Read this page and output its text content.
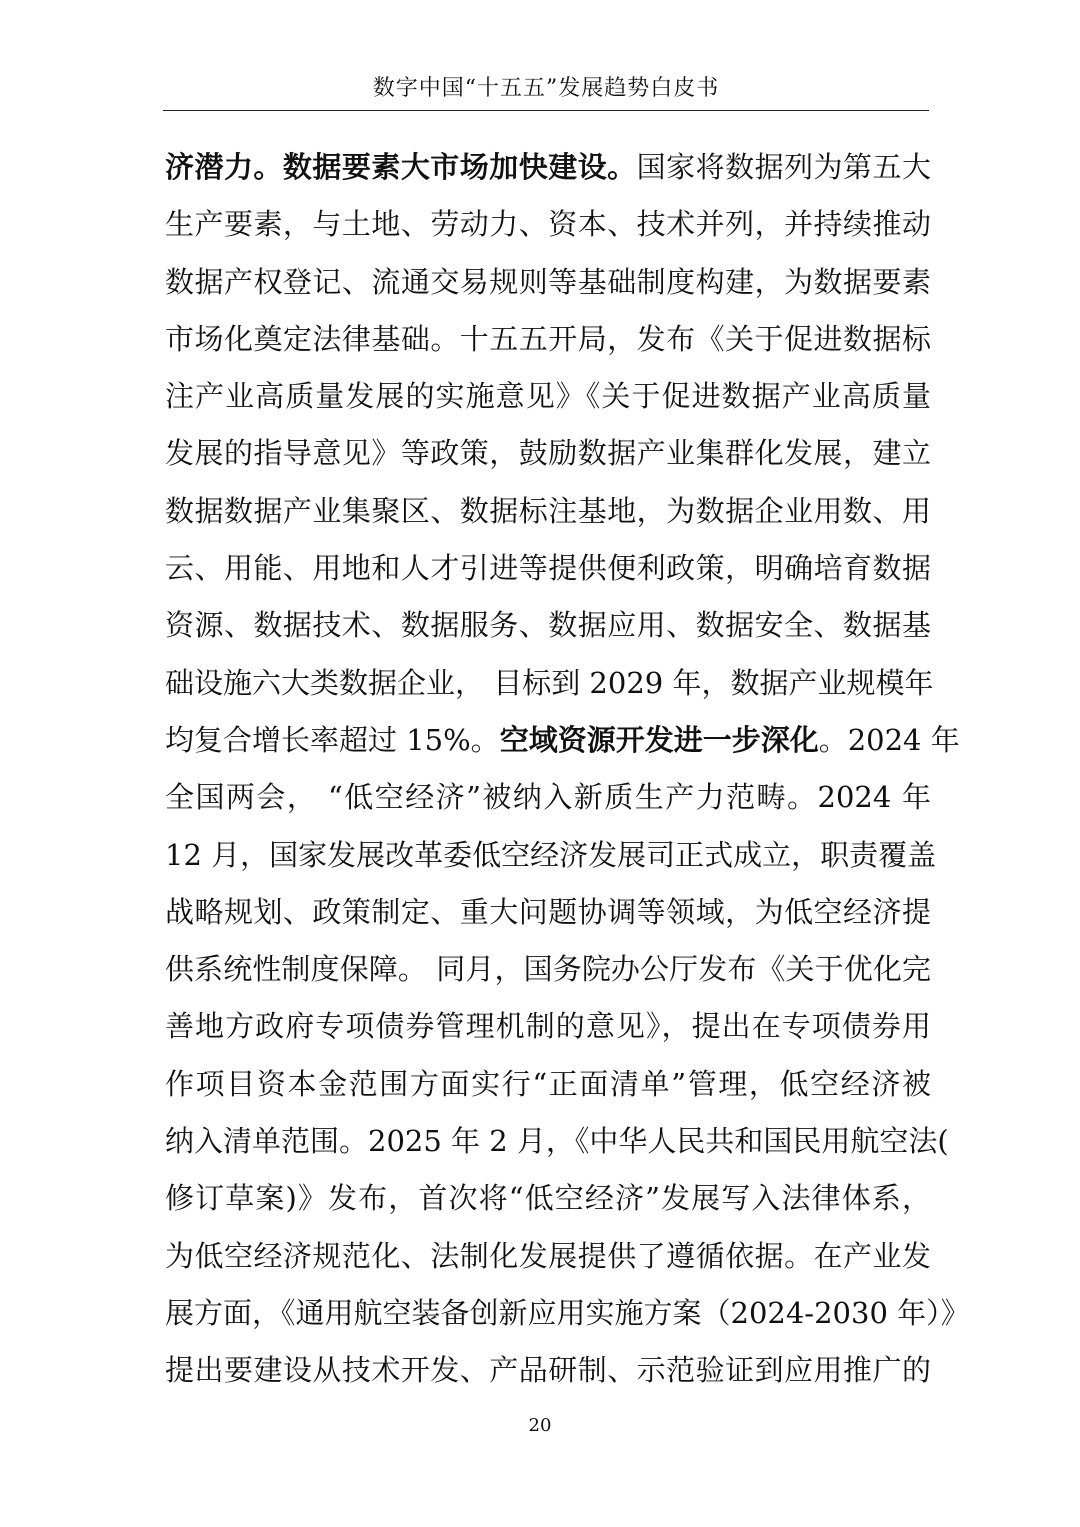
数字中国“十五五”发展趋势白皮书
济潜力。数据要素大市场加快建设。国家将数据列为第五大
生产要素，与土地、劳动力、资本、技术并列，并持续推动
数据产权登记、流通交易规则等基础制度构建，为数据要素
市场化奠定法律基础。十五五开局，发布《关于促进数据标
注产业高质量发展的实施意见》《关于促进数据产业高质量
发展的指导意见》等政策，鼓励数据产业集群化发展，建立
数据数据产业集聚区、数据标注基地，为数据企业用数、用
云、用能、用地和人才引进等提供便利政策，明确培育数据
资源、数据技术、数据服务、数据应用、数据安全、数据基
础设施六大类数据企业， 目标到 2029 年，数据产业规模年
均复合增长率超过 15%。空域资源开发进一步深化。2024 年
全国两会， “低空经济”被纳入新质生产力范畴。2024 年
12 月，国家发展改革委低空经济发展司正式成立，职责覆盖
战略规划、政策制定、重大问题协调等领域，为低空经济提
供系统性制度保障。 同月，国务院办公厅发布《关于优化完
善地方政府专项债券管理机制的意见》，提出在专项债券用
作项目资本金范围方面实行“正面清单”管理，低空经济被
纳入清单范围。2025 年 2 月，《中华人民共和国民用航空法(
修订草案)》发布，首次将“低空经济”发展写入法律体系，
为低空经济规范化、法制化发展提供了遵循依据。在产业发
展方面，《通用航空装备创新应用实施方案（2024-2030 年）》
提出要建设从技术开发、产品研制、示范验证到应用推广的
20
